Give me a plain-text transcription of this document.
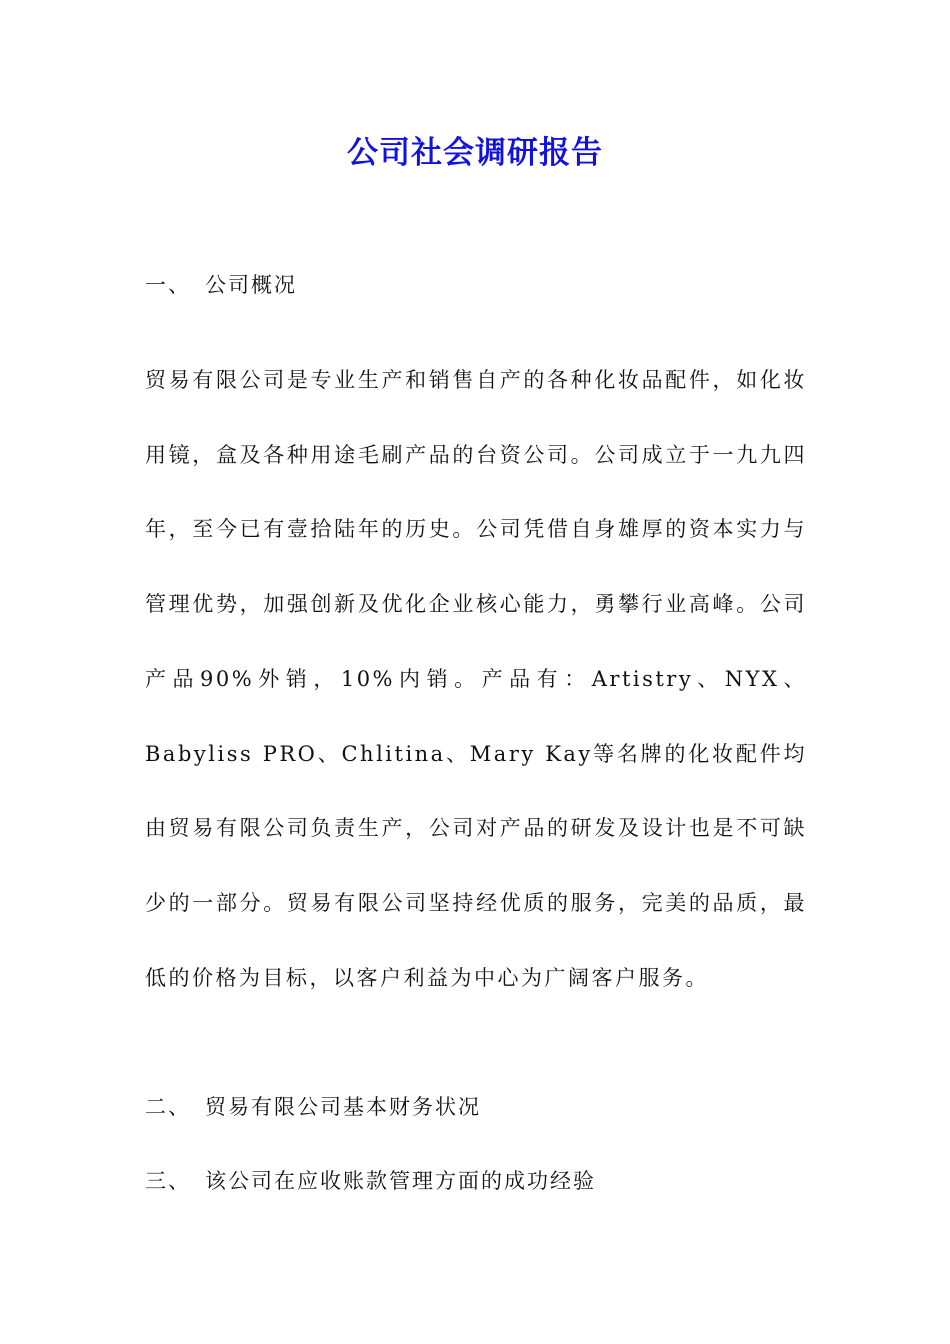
公司社会调研报告
一、 公司概况
贸易有限公司是专业生产和销售自产的各种化妆品配件，如化妆用镜，盒及各种用途毛刷产品的台资公司。公司成立于一九九四年，至今已有壹拾陆年的历史。公司凭借自身雄厚的资本实力与管理优势，加强创新及优化企业核心能力，勇攀行业高峰。公司产品90%外销，10%内销。产品有：Artistry、NYX、Babyliss PRO、Chlitina、Mary Kay等名牌的化妆配件均由贸易有限公司负责生产，公司对产品的研发及设计也是不可缺少的一部分。贸易有限公司坚持经优质的服务，完美的品质，最低的价格为目标，以客户利益为中心为广阔客户服务。
二、 贸易有限公司基本财务状况
三、 该公司在应收账款管理方面的成功经验
